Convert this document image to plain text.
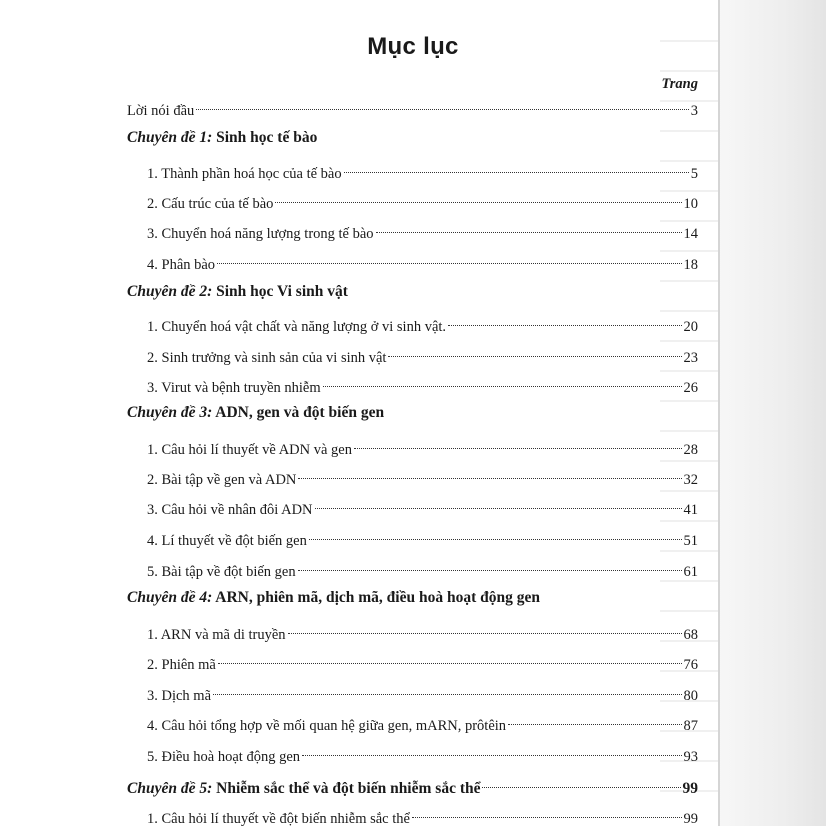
Mục lục
Trang
Lời nói đầu	3
Chuyên đề 1: Sinh học tế bào
1. Thành phần hoá học của tế bào	5
2. Cấu trúc của tế bào	10
3. Chuyển hoá năng lượng trong tế bào	14
4. Phân bào	18
Chuyên đề 2: Sinh học Vi sinh vật
1. Chuyển hoá vật chất và năng lượng ở vi sinh vật.	20
2. Sinh trưởng và sinh sản của vi sinh vật	23
3. Virut và bệnh truyền nhiễm	26
Chuyên đề 3: ADN, gen và đột biến gen
1. Câu hỏi lí thuyết về ADN và gen	28
2. Bài tập về gen và ADN	32
3. Câu hỏi về nhân đôi ADN	41
4. Lí thuyết về đột biến gen	51
5. Bài tập về đột biến gen	61
Chuyên đề 4: ARN, phiên mã, dịch mã, điều hoà hoạt động gen
1. ARN và mã di truyền	68
2. Phiên mã	76
3. Dịch mã	80
4. Câu hỏi tổng hợp về mối quan hệ giữa gen, mARN, prôtêin	87
5. Điều hoà hoạt động gen	93
Chuyên đề 5: Nhiễm sắc thể và đột biến nhiễm sắc thể	99
1. Câu hỏi lí thuyết về đột biến nhiễm sắc thể	99
